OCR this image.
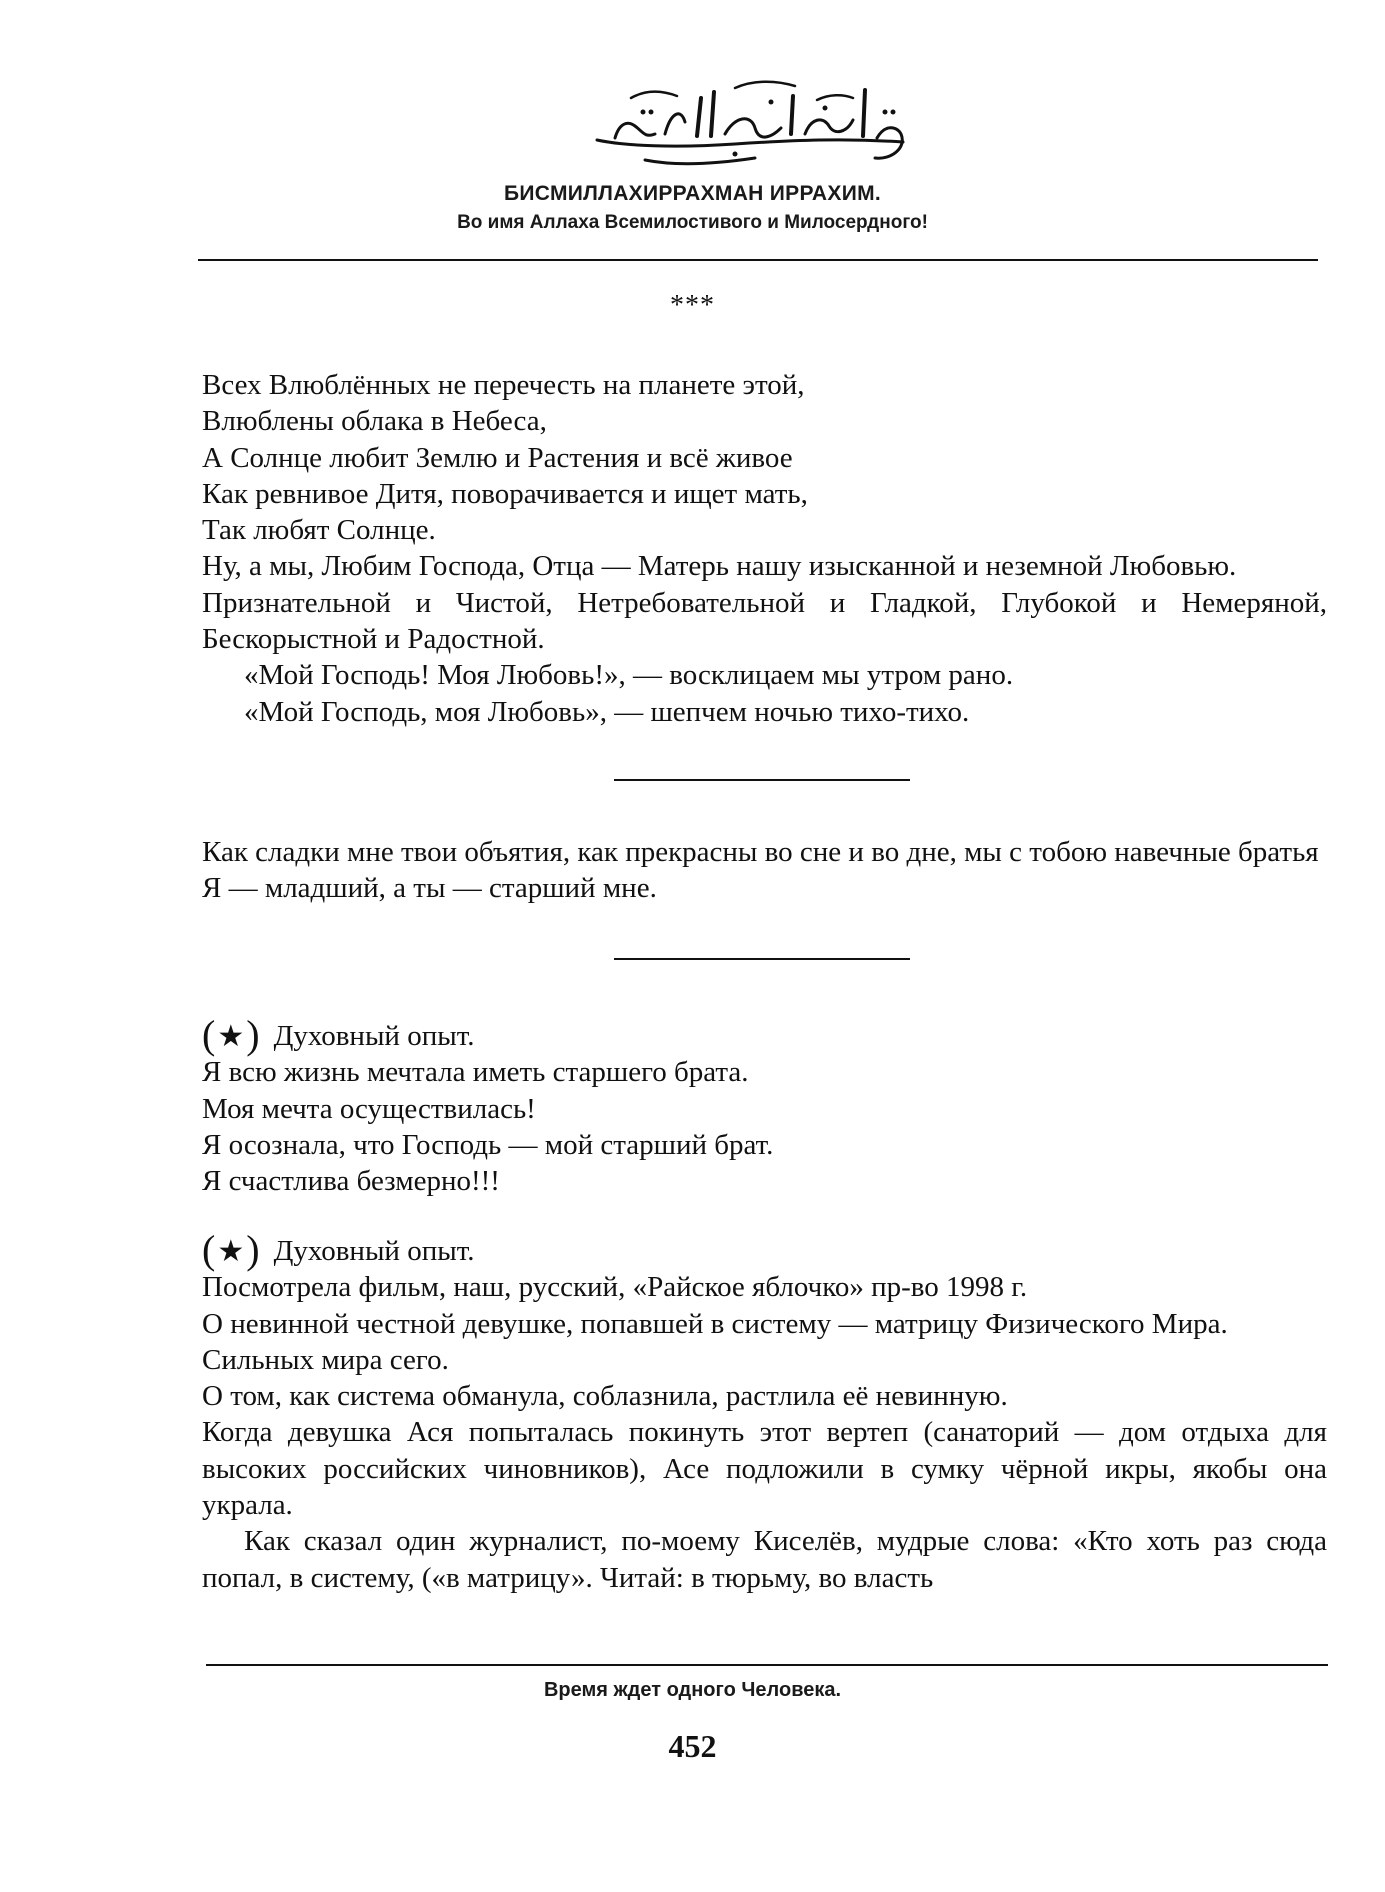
БИСМИЛЛАХИРРАХМАН ИРРАХИМ.
Во имя Аллаха Всемилостивого и Милосердного!
***

Всех Влюблённых не перечесть на планете этой,

Влюблены облака в Небеса,

А Солнце любит Землю и Растения и всё живое

Как ревнивое Дитя, поворачивается и ищет мать,

Так любят Солнце.

Ну, а мы, Любим Господа, Отца — Матерь нашу изысканной и неземной Любовью.

Признательной и Чистой, Нетребовательной и Гладкой, Глубокой и Немеряной, Бескорыстной и Радостной.

«Мой Господь! Моя Любовь!», — восклицаем мы утром рано.

«Мой Господь, моя Любовь», — шепчем ночью тихо-тихо.

Как сладки мне твои объятия, как прекрасны во сне и во дне, мы с тобою навечные братья

Я — младший, а ты — старший мне.

(★) Духовный опыт.

Я всю жизнь мечтала иметь старшего брата.

Моя мечта осуществилась!

Я осознала, что Господь — мой старший брат.

Я счастлива безмерно!!!

(★) Духовный опыт.

Посмотрела фильм, наш, русский, «Райское яблочко» пр-во 1998 г.

О невинной честной девушке, попавшей в систему — матрицу Физического Мира.

Сильных мира сего.

О том, как система обманула, соблазнила, растлила её невинную.

Когда девушка Ася попыталась покинуть этот вертеп (санаторий — дом отдыха для высоких российских чиновников), Асе подложили в сумку чёрной икры, якобы она украла.

Как сказал один журналист, по-моему Киселёв, мудрые слова: «Кто хоть раз сюда попал, в систему, («в матрицу». Читай: в тюрьму, во власть

Время ждет одного Человека.
452
